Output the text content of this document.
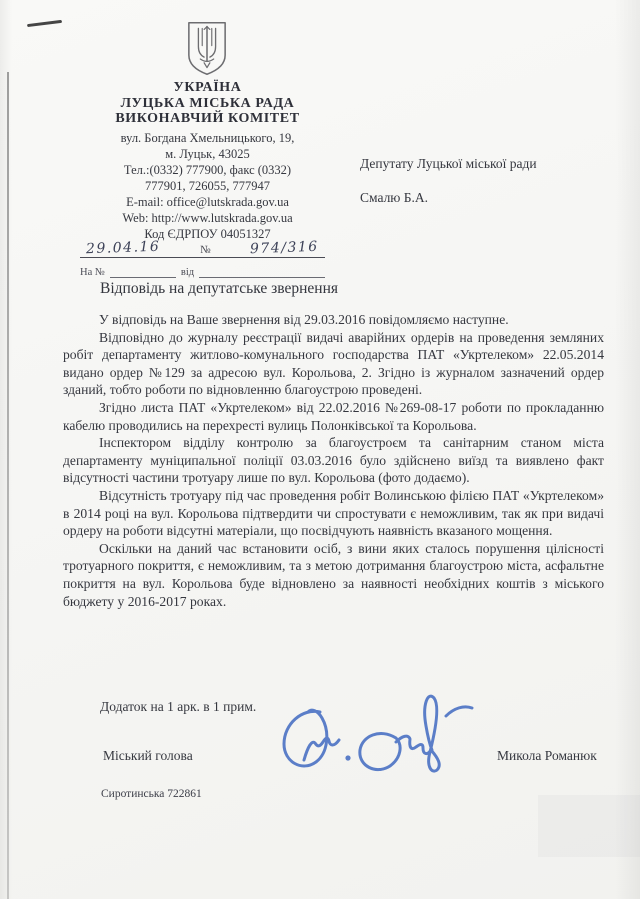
УКРАЇНА
ЛУЦЬКА МІСЬКА РАДА
ВИКОНАВЧИЙ КОМІТЕТ
вул. Богдана Хмельницького, 19,
м. Луцьк, 43025
Тел.:(0332) 777900, факс (0332)
777901, 726055, 777947
E-mail: office@lutskrada.gov.ua
Web: http://www.lutskrada.gov.ua
Код ЄДРПОУ 04051327
29.04.16	№	974/316
На №	від
Депутату Луцької міської ради
Смалю Б.А.
Відповідь на депутатське звернення

У відповідь на Ваше звернення від 29.03.2016 повідомляємо наступне.

Відповідно до журналу реєстрації видачі аварійних ордерів на проведення земляних робіт департаменту житлово-комунального господарства ПАТ «Укртелеком» 22.05.2014 видано ордер №129 за адресою вул. Корольова, 2. Згідно із журналом зазначений ордер зданий, тобто роботи по відновленню благоустрою проведені.

Згідно листа ПАТ «Укртелеком» від 22.02.2016 №269-08-17 роботи по прокладанню кабелю проводились на перехресті вулиць Полонківської та Корольова.

Інспектором відділу контролю за благоустроєм та санітарним станом міста департаменту муніципальної поліції 03.03.2016 було здійснено виїзд та виявлено факт відсутності частини тротуару лише по вул. Корольова (фото додаємо).

Відсутність тротуару під час проведення робіт Волинською філією ПАТ «Укртелеком» в 2014 році на вул. Корольова підтвердити чи спростувати є неможливим, так як при видачі ордеру на роботи відсутні матеріали, що посвідчують наявність вказаного мощення.

Оскільки на даний час встановити осіб, з вини яких сталось порушення цілісності тротуарного покриття, є неможливим, та з метою дотримання благоустрою міста, асфальтне покриття на вул. Корольова буде відновлено за наявності необхідних коштів з міського бюджету у 2016-2017 роках.

Додаток на 1 арк. в 1 прим.
Міський голова	Микола Романюк
Сиротинська 722861
